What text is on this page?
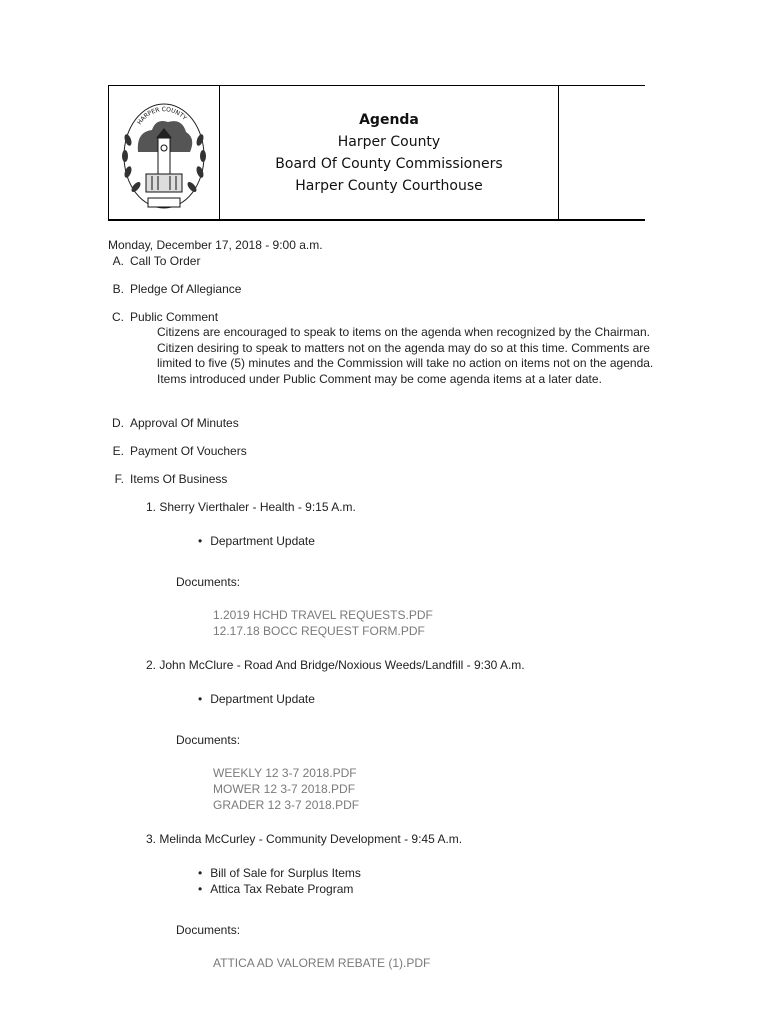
HARPER COUNTY	Agenda
Harper County
Board Of County Commissioners
Harper County Courthouse
Monday, December 17, 2018 - 9:00 a.m.
A. Call To Order
B. Pledge Of Allegiance
C. Public Comment
Citizens are encouraged to speak to items on the agenda when recognized by the Chairman. Citizen desiring to speak to matters not on the agenda may do so at this time. Comments are limited to five (5) minutes and the Commission will take no action on items not on the agenda. Items introduced under Public Comment may be come agenda items at a later date.
D. Approval Of Minutes
E. Payment Of Vouchers
F. Items Of Business
1. Sherry Vierthaler - Health - 9:15 A.m.
• Department Update
Documents:
1.2019 HCHD TRAVEL REQUESTS.PDF
12.17.18 BOCC REQUEST FORM.PDF
2. John McClure - Road And Bridge/Noxious Weeds/Landfill - 9:30 A.m.
• Department Update
Documents:
WEEKLY 12 3-7 2018.PDF
MOWER 12 3-7 2018.PDF
GRADER 12 3-7 2018.PDF
3. Melinda McCurley - Community Development - 9:45 A.m.
• Bill of Sale for Surplus Items
• Attica Tax Rebate Program
Documents:
ATTICA AD VALOREM REBATE (1).PDF
